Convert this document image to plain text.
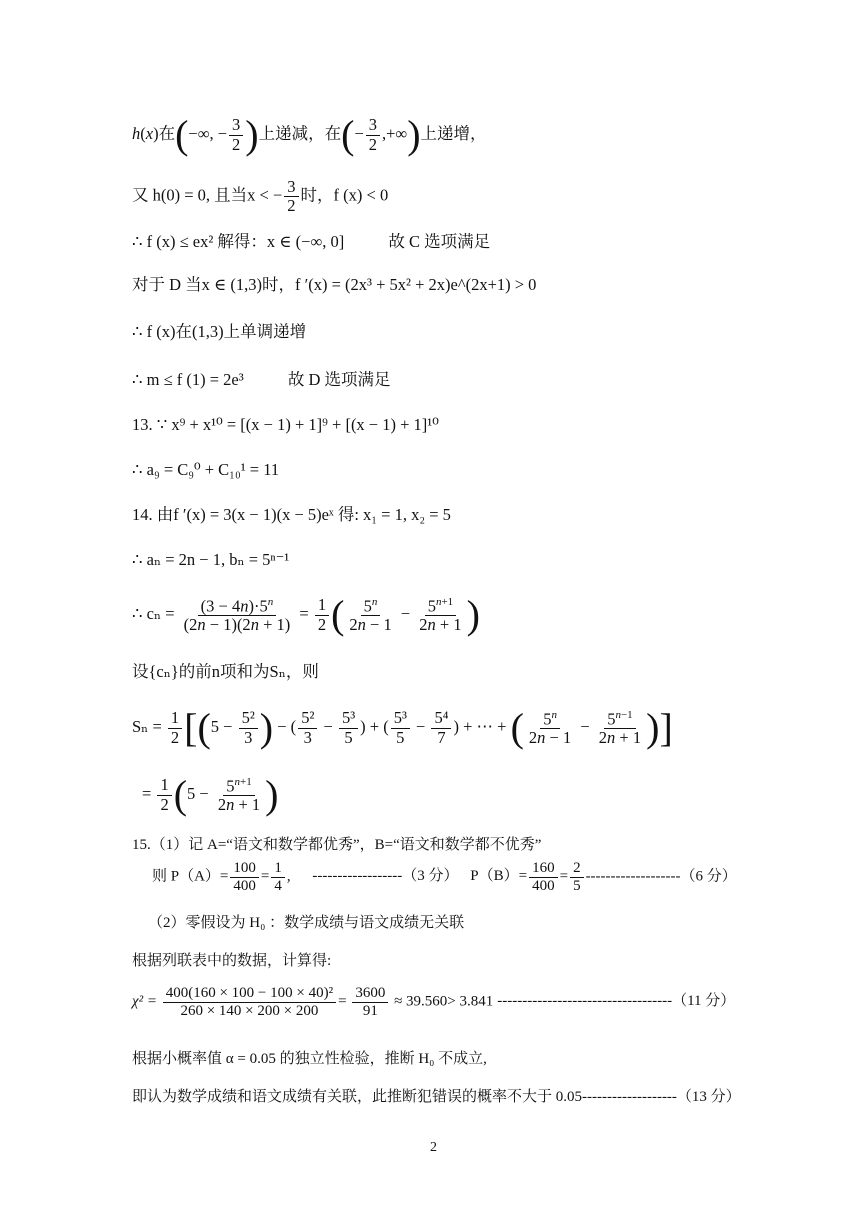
h(x)在(−∞, − $\frac{3}{2}$ )上递减，在(− $\frac{3}{2}$ ,+∞)上递增，
又 h(0) = 0, 且当x < − $\frac{3}{2}$ 时，f (x) < 0
∴ f (x) ≤ ex² 解得：x ∈ (−∞, 0]	故 C 选项满足
对于 D 当x ∈ (1,3)时，f ′(x) = (2x³ + 5x² + 2x)e^(2x+1) > 0
∴ f (x)在(1,3)上单调递增
∴ m ≤ f (1) = 2e³	故 D 选项满足
13. ∵ x⁹ + x¹⁰ = [(x − 1) + 1]⁹ + [(x − 1) + 1]¹⁰
∴ a₉ = C₉⁰ + C₁₀¹ = 11
14. 由f ′(x) = 3(x − 1)(x − 5)eˣ 得: x₁ = 1, x₂ = 5
∴ aₙ = 2n − 1, bₙ = 5ⁿ⁻¹
∴ $c_n = \frac{(3 - 4n)\cdot 5^n}{(2n - 1)(2n + 1)} = \frac{1}{2}$ ( $\frac{5^n}{2n - 1} - \frac{5^{n+1}}{2n + 1}$ )
设{cₙ}的前n项和为Sₙ，则
$S_n = \frac{1}{2} [(5 - \frac{\text{5²}}{3}$ ) − ( $\frac{\text{5²}}{3} - \frac{\text{5³}}{5}$ ) + ( $\frac{\text{5³}}{5} - \frac{\text{5⁴}}{7}$ ) + ⋯ + ( $\frac{5^n}{2n - 1} - \frac{5^{n-1}}{2n + 1}$ )]
= $\frac{1}{2} (5 - \frac{5^{n+1}}{2n + 1}$ )
15.（1）记 A=“语文和数学都优秀”，B=“语文和数学都不优秀”
则 $P(A)= \frac{100}{400} = \frac{1}{4}$ , ------------------（3 分） $P(B)= \frac{160}{400} = \frac{2}{5} -------------------(6$ 分）
（2）零假设为 H₀ ：数学成绩与语文成绩无关联
根据列联表中的数据，计算得:
$\chi^2 = \frac{\text{400(160 × 100 − 100 × 40)²}}{260 \times 140 \times 200 \times 200} = \frac{3600}{91} \approx 39.560> 3.841$ -----------------------------------（11 分）
根据小概率值 α = 0.05 的独立性检验，推断 H₀ 不成立,
即认为数学成绩和语文成绩有关联，此推断犯错误的概率不大于 0.05-------------------（13 分）
2
